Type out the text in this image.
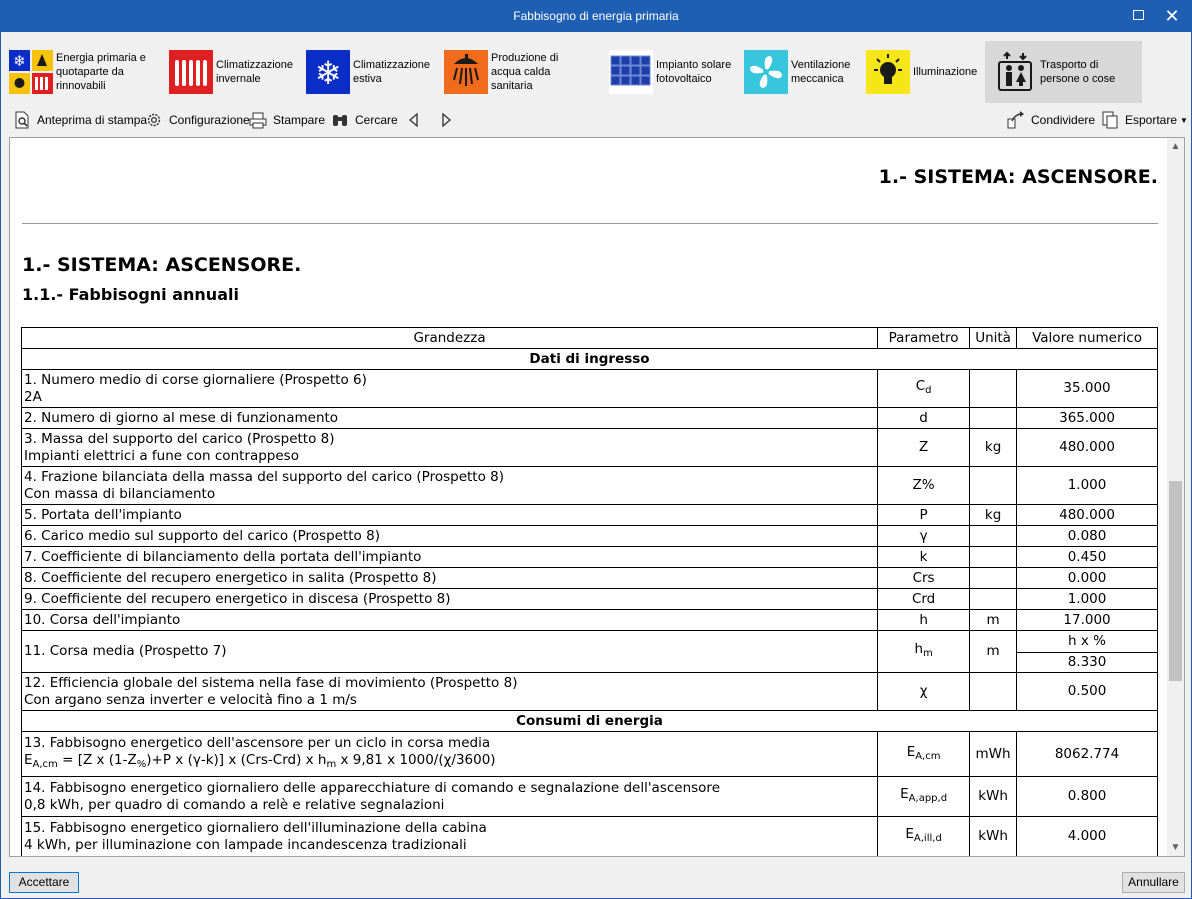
Fabbisogno di energia primaria	✕
❄	Energia primaria e quotaparte da rinnovabili
Climatizzazione invernale	❄ Climatizzazione estiva
Produzione di acqua calda sanitaria
Impianto solare fotovoltaico
Ventilazione meccanica
Illuminazione
Trasporto di persone o cose
Anteprima di stampa Configurazione Stampare Cercare	Condividere Esportare ▼
1.- SISTEMA: ASCENSORE.
1.- SISTEMA: ASCENSORE.
1.1.- Fabbisogni annuali
Grandezza	Parametro	Unità	Valore numerico
Dati di ingresso			

1. Numero medio di corse giornaliere (Prospetto 6)
2A	$C_d$		35.000

2. Numero di giorno al mese di funzionamento	d		365.000

3. Massa del supporto del carico (Prospetto 8)
Impianti elettrici a fune con contrappeso	Z	kg	480.000

4. Frazione bilanciata della massa del supporto del carico (Prospetto 8)
Con massa di bilanciamento	Z%		1.000

5. Portata dell'impianto	P	kg	480.000

6. Carico medio sul supporto del carico (Prospetto 8)	γ		0.080

7. Coefficiente di bilanciamento della portata dell'impianto	k		0.450

8. Coefficiente del recupero energetico in salita (Prospetto 8)	Crs		0.000

9. Coefficiente del recupero energetico in discesa (Prospetto 8)	Crd		1.000

10. Corsa dell'impianto	h	m	17.000
11. Corsa media (Prospetto 7)	$h_m$	m	h x %
			8.330

12. Efficiencia globale del sistema nella fase di movimiento (Prospetto 8)
Con argano senza inverter e velocità fino a 1 m/s	χ		0.500
Consumi di energia			

13. Fabbisogno energetico dell'ascensore per un ciclo in corsa media
$E_{A,cm} = [Z$ x $(1-Z_{\%})+P$ x (γ-k)] x (Crs-Crd) x $h_m$ x 9,81 x 1000/(χ/3600)	$E_{A,cm}$	mWh	8062.774

14. Fabbisogno energetico giornaliero delle apparecchiature di comando e segnalazione dell'ascensore
0,8 kWh, per quadro di comando a relè e relative segnalazioni	$E_{A,app,d}$	kWh	0.800

15. Fabbisogno energetico giornaliero dell'illuminazione della cabina
4 kWh, per illuminazione con lampade incandescenza tradizionali	$E_{A,ill,d}$	kWh	4.000
▲
▼
Accettare	Annullare
